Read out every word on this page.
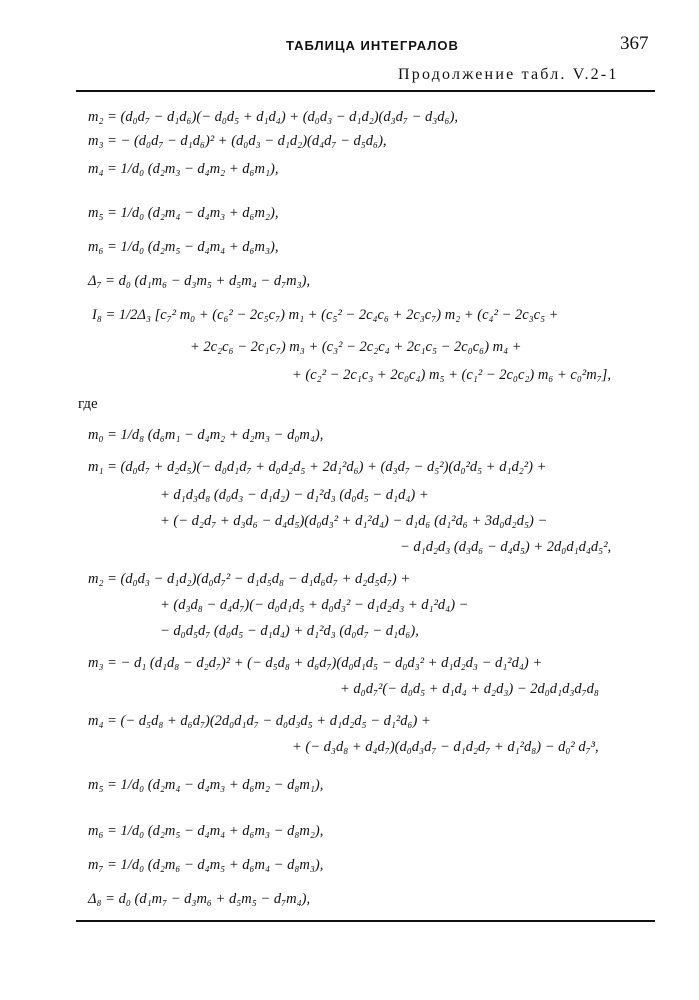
ТАБЛИЦА ИНТЕГРАЛОВ	367
Продолжение табл. V.2-1
m₂ = (d₀d₇ − d₁d₆)(− d₀d₅ + d₁d₄) + (d₀d₃ − d₁d₂)(d₃d₇ − d₃d₆),
m₃ = − (d₀d₇ − d₁d₆)² + (d₀d₃ − d₁d₂)(d₄d₇ − d₅d₆),
m₄ = 1/d₀ (d₂m₃ − d₄m₂ + d₆m₁),
m₅ = 1/d₀ (d₂m₄ − d₄m₃ + d₆m₂),
m₆ = 1/d₀ (d₂m₅ − d₄m₄ + d₆m₃),
Δ₇ = d₀ (d₁m₆ − d₃m₅ + d₅m₄ − d₇m₃),
I₈ = 1/2Δ₃ [c₇² m₀ + (c₆² − 2c₅c₇) m₁ + (c₅² − 2c₄c₆ + 2c₃c₇) m₂ + (c₄² − 2c₃c₅ +
+ 2c₂c₆ − 2c₁c₇) m₃ + (c₃² − 2c₂c₄ + 2c₁c₅ − 2c₀c₆) m₄ +
+ (c₂² − 2c₁c₃ + 2c₀c₄) m₅ + (c₁² − 2c₀c₂) m₆ + c₀²m₇],
где
m₀ = 1/d₈ (d₆m₁ − d₄m₂ + d₂m₃ − d₀m₄),
m₁ = (d₀d₇ + d₂d₅)(− d₀d₁d₇ + d₀d₂d₅ + 2d₁²d₆) + (d₃d₇ − d₅²)(d₀²d₅ + d₁d₂²) +
+ d₁d₃d₈ (d₀d₃ − d₁d₂) − d₁²d₃ (d₀d₅ − d₁d₄) +
+ (− d₂d₇ + d₃d₆ − d₄d₅)(d₀d₃² + d₁²d₄) − d₁d₆ (d₁²d₆ + 3d₀d₂d₅) −
− d₁d₂d₃ (d₃d₆ − d₄d₅) + 2d₀d₁d₄d₅²,
m₂ = (d₀d₃ − d₁d₂)(d₀d₇² − d₁d₅d₈ − d₁d₆d₇ + d₂d₅d₇) +
+ (d₃d₈ − d₄d₇)(− d₀d₁d₅ + d₀d₃² − d₁d₂d₃ + d₁²d₄) −
− d₀d₅d₇ (d₀d₅ − d₁d₄) + d₁²d₃ (d₀d₇ − d₁d₆),
m₃ = − d₁ (d₁d₈ − d₂d₇)² + (− d₅d₈ + d₆d₇)(d₀d₁d₅ − d₀d₃² + d₁d₂d₃ − d₁²d₄) +
+ d₀d₇²(− d₀d₅ + d₁d₄ + d₂d₃) − 2d₀d₁d₃d₇d₈
m₄ = (− d₅d₈ + d₆d₇)(2d₀d₁d₇ − d₀d₃d₅ + d₁d₂d₅ − d₁²d₆) +
+ (− d₃d₈ + d₄d₇)(d₀d₃d₇ − d₁d₂d₇ + d₁²d₈) − d₀² d₇³,
m₅ = 1/d₀ (d₂m₄ − d₄m₃ + d₆m₂ − d₈m₁),
m₆ = 1/d₀ (d₂m₅ − d₄m₄ + d₆m₃ − d₈m₂),
m₇ = 1/d₀ (d₂m₆ − d₄m₅ + d₆m₄ − d₈m₃),
Δ₈ = d₀ (d₁m₇ − d₃m₆ + d₅m₅ − d₇m₄),
